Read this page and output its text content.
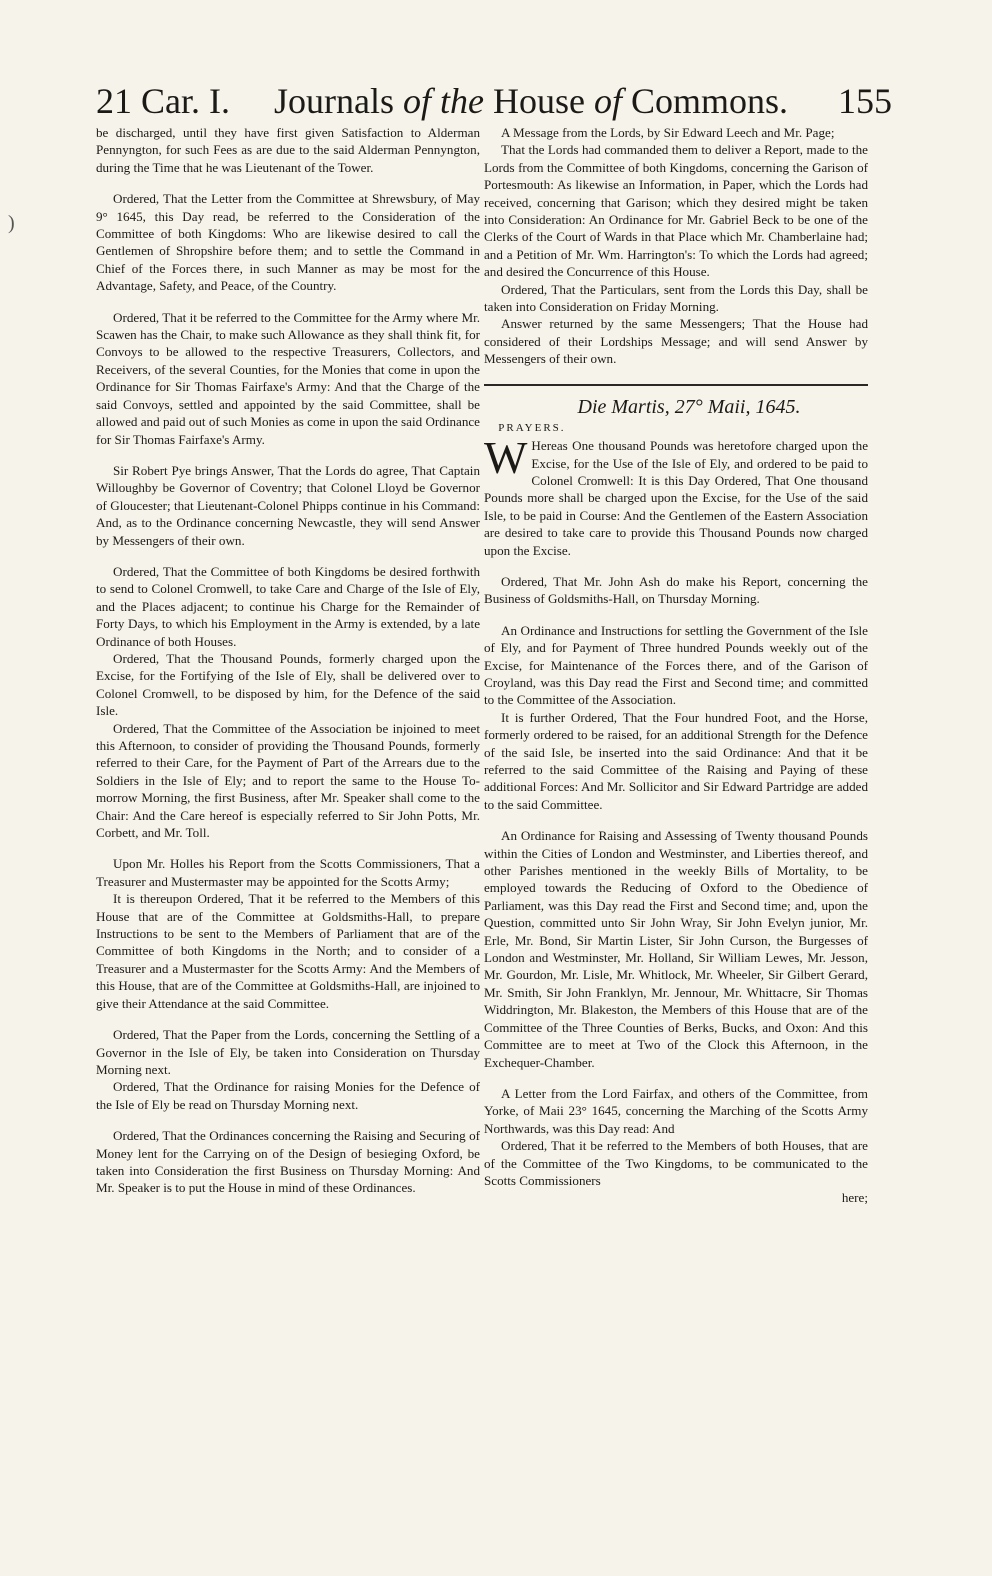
)
21 Car. I. Journals of the House of Commons. 155

be discharged, until they have first given Satisfaction to Alderman Pennyngton, for such Fees as are due to the said Alderman Pennyngton, during the Time that he was Lieutenant of the Tower.

Ordered, That the Letter from the Committee at Shrewsbury, of May 9° 1645, this Day read, be referred to the Consideration of the Committee of both Kingdoms: Who are likewise desired to call the Gentlemen of Shropshire before them; and to settle the Command in Chief of the Forces there, in such Manner as may be most for the Advantage, Safety, and Peace, of the Country.

Ordered, That it be referred to the Committee for the Army where Mr. Scawen has the Chair, to make such Allowance as they shall think fit, for Convoys to be allowed to the respective Treasurers, Collectors, and Receivers, of the several Counties, for the Monies that come in upon the Ordinance for Sir Thomas Fairfaxe's Army: And that the Charge of the said Convoys, settled and appointed by the said Committee, shall be allowed and paid out of such Monies as come in upon the said Ordinance for Sir Thomas Fairfaxe's Army.

Sir Robert Pye brings Answer, That the Lords do agree, That Captain Willoughby be Governor of Coventry; that Colonel Lloyd be Governor of Gloucester; that Lieutenant-Colonel Phipps continue in his Command: And, as to the Ordinance concerning Newcastle, they will send Answer by Messengers of their own.

Ordered, That the Committee of both Kingdoms be desired forthwith to send to Colonel Cromwell, to take Care and Charge of the Isle of Ely, and the Places adjacent; to continue his Charge for the Remainder of Forty Days, to which his Employment in the Army is extended, by a late Ordinance of both Houses.

Ordered, That the Thousand Pounds, formerly charged upon the Excise, for the Fortifying of the Isle of Ely, shall be delivered over to Colonel Cromwell, to be disposed by him, for the Defence of the said Isle.

Ordered, That the Committee of the Association be injoined to meet this Afternoon, to consider of providing the Thousand Pounds, formerly referred to their Care, for the Payment of Part of the Arrears due to the Soldiers in the Isle of Ely; and to report the same to the House To-morrow Morning, the first Business, after Mr. Speaker shall come to the Chair: And the Care hereof is especially referred to Sir John Potts, Mr. Corbett, and Mr. Toll.

Upon Mr. Holles his Report from the Scotts Commissioners, That a Treasurer and Mustermaster may be appointed for the Scotts Army;

It is thereupon Ordered, That it be referred to the Members of this House that are of the Committee at Goldsmiths-Hall, to prepare Instructions to be sent to the Members of Parliament that are of the Committee of both Kingdoms in the North; and to consider of a Treasurer and a Mustermaster for the Scotts Army: And the Members of this House, that are of the Committee at Goldsmiths-Hall, are injoined to give their Attendance at the said Committee.

Ordered, That the Paper from the Lords, concerning the Settling of a Governor in the Isle of Ely, be taken into Consideration on Thursday Morning next.

Ordered, That the Ordinance for raising Monies for the Defence of the Isle of Ely be read on Thursday Morning next.

Ordered, That the Ordinances concerning the Raising and Securing of Money lent for the Carrying on of the Design of besieging Oxford, be taken into Consideration the first Business on Thursday Morning: And Mr. Speaker is to put the House in mind of these Ordinances.

A Message from the Lords, by Sir Edward Leech and Mr. Page;

That the Lords had commanded them to deliver a Report, made to the Lords from the Committee of both Kingdoms, concerning the Garison of Portesmouth: As likewise an Information, in Paper, which the Lords had received, concerning that Garison; which they desired might be taken into Consideration: An Ordinance for Mr. Gabriel Beck to be one of the Clerks of the Court of Wards in that Place which Mr. Chamberlaine had; and a Petition of Mr. Wm. Harrington's: To which the Lords had agreed; and desired the Concurrence of this House.

Ordered, That the Particulars, sent from the Lords this Day, shall be taken into Consideration on Friday Morning.

Answer returned by the same Messengers; That the House had considered of their Lordships Message; and will send Answer by Messengers of their own.

Die Martis, 27° Maii, 1645.

PRAYERS.

W Hereas One thousand Pounds was heretofore charged upon the Excise, for the Use of the Isle of Ely, and ordered to be paid to Colonel Cromwell: It is this Day Ordered, That One thousand Pounds more shall be charged upon the Excise, for the Use of the said Isle, to be paid in Course: And the Gentlemen of the Eastern Association are desired to take care to provide this Thousand Pounds now charged upon the Excise.

Ordered, That Mr. John Ash do make his Report, concerning the Business of Goldsmiths-Hall, on Thursday Morning.

An Ordinance and Instructions for settling the Government of the Isle of Ely, and for Payment of Three hundred Pounds weekly out of the Excise, for Maintenance of the Forces there, and of the Garison of Croyland, was this Day read the First and Second time; and committed to the Committee of the Association.

It is further Ordered, That the Four hundred Foot, and the Horse, formerly ordered to be raised, for an additional Strength for the Defence of the said Isle, be inserted into the said Ordinance: And that it be referred to the said Committee of the Raising and Paying of these additional Forces: And Mr. Sollicitor and Sir Edward Partridge are added to the said Committee.

An Ordinance for Raising and Assessing of Twenty thousand Pounds within the Cities of London and Westminster, and Liberties thereof, and other Parishes mentioned in the weekly Bills of Mortality, to be employed towards the Reducing of Oxford to the Obedience of Parliament, was this Day read the First and Second time; and, upon the Question, committed unto Sir John Wray, Sir John Evelyn junior, Mr. Erle, Mr. Bond, Sir Martin Lister, Sir John Curson, the Burgesses of London and Westminster, Mr. Holland, Sir William Lewes, Mr. Jesson, Mr. Gourdon, Mr. Lisle, Mr. Whitlock, Mr. Wheeler, Sir Gilbert Gerard, Mr. Smith, Sir John Franklyn, Mr. Jennour, Mr. Whittacre, Sir Thomas Widdrington, Mr. Blakeston, the Members of this House that are of the Committee of the Three Counties of Berks, Bucks, and Oxon: And this Committee are to meet at Two of the Clock this Afternoon, in the Exchequer-Chamber.

A Letter from the Lord Fairfax, and others of the Committee, from Yorke, of Maii 23° 1645, concerning the Marching of the Scotts Army Northwards, was this Day read: And

Ordered, That it be referred to the Members of both Houses, that are of the Committee of the Two Kingdoms, to be communicated to the Scotts Commissioners

here;
